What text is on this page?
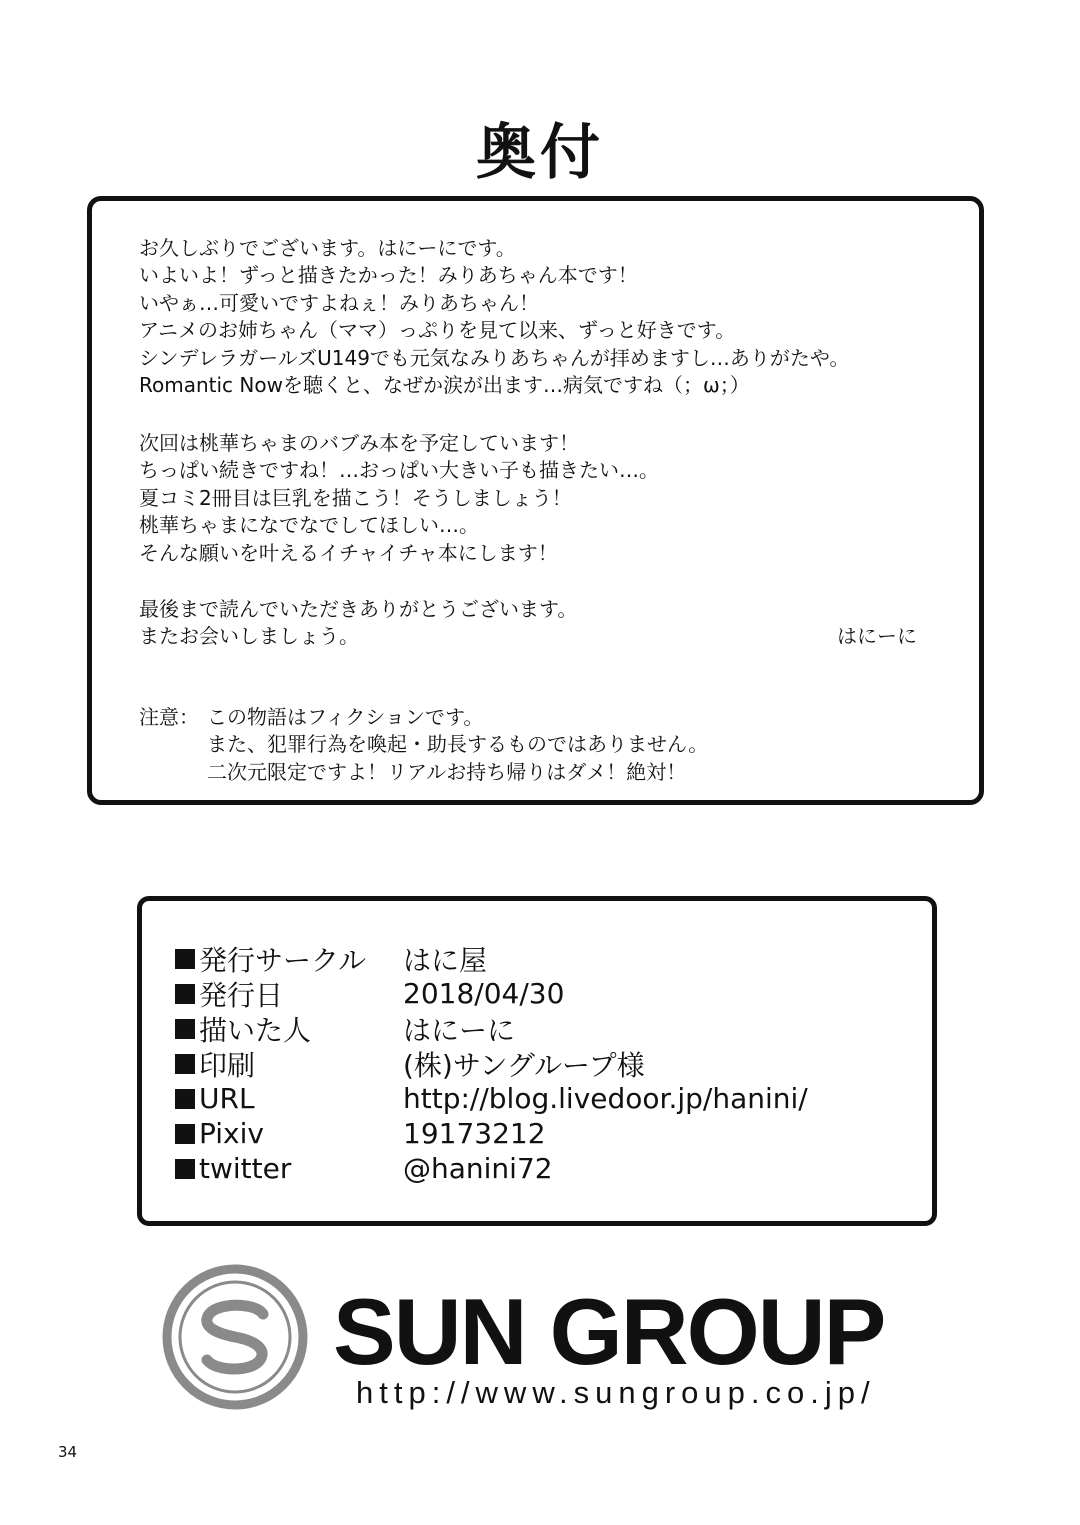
奥付
お久しぶりでございます。はにーにです。
いよいよ！ずっと描きたかった！みりあちゃん本です！
いやぁ…可愛いですよねぇ！みりあちゃん！
アニメのお姉ちゃん（ママ）っぷりを見て以来、ずっと好きです。
シンデレラガールズU149でも元気なみりあちゃんが拝めますし…ありがたや。
Romantic Nowを聴くと、なぜか涙が出ます…病気ですね（；ω；）
次回は桃華ちゃまのバブみ本を予定しています！
ちっぱい続きですね！…おっぱい大きい子も描きたい…。
夏コミ2冊目は巨乳を描こう！そうしましょう！
桃華ちゃまになでなでしてほしい…。
そんな願いを叶えるイチャイチャ本にします！
最後まで読んでいただきありがとうございます。
またお会いしましょう。	はにーに
注意： この物語はフィクションです。
また、犯罪行為を喚起・助長するものではありません。
二次元限定ですよ！リアルお持ち帰りはダメ！絶対！
発行サークル	はに屋
発行日	2018/04/30
描いた人	はにーに
印刷	(株)サングループ様
URL	http://blog.livedoor.jp/hanini/
Pixiv	19173212
twitter	@hanini72
SUN GROUP
http://www.sungroup.co.jp/
34
